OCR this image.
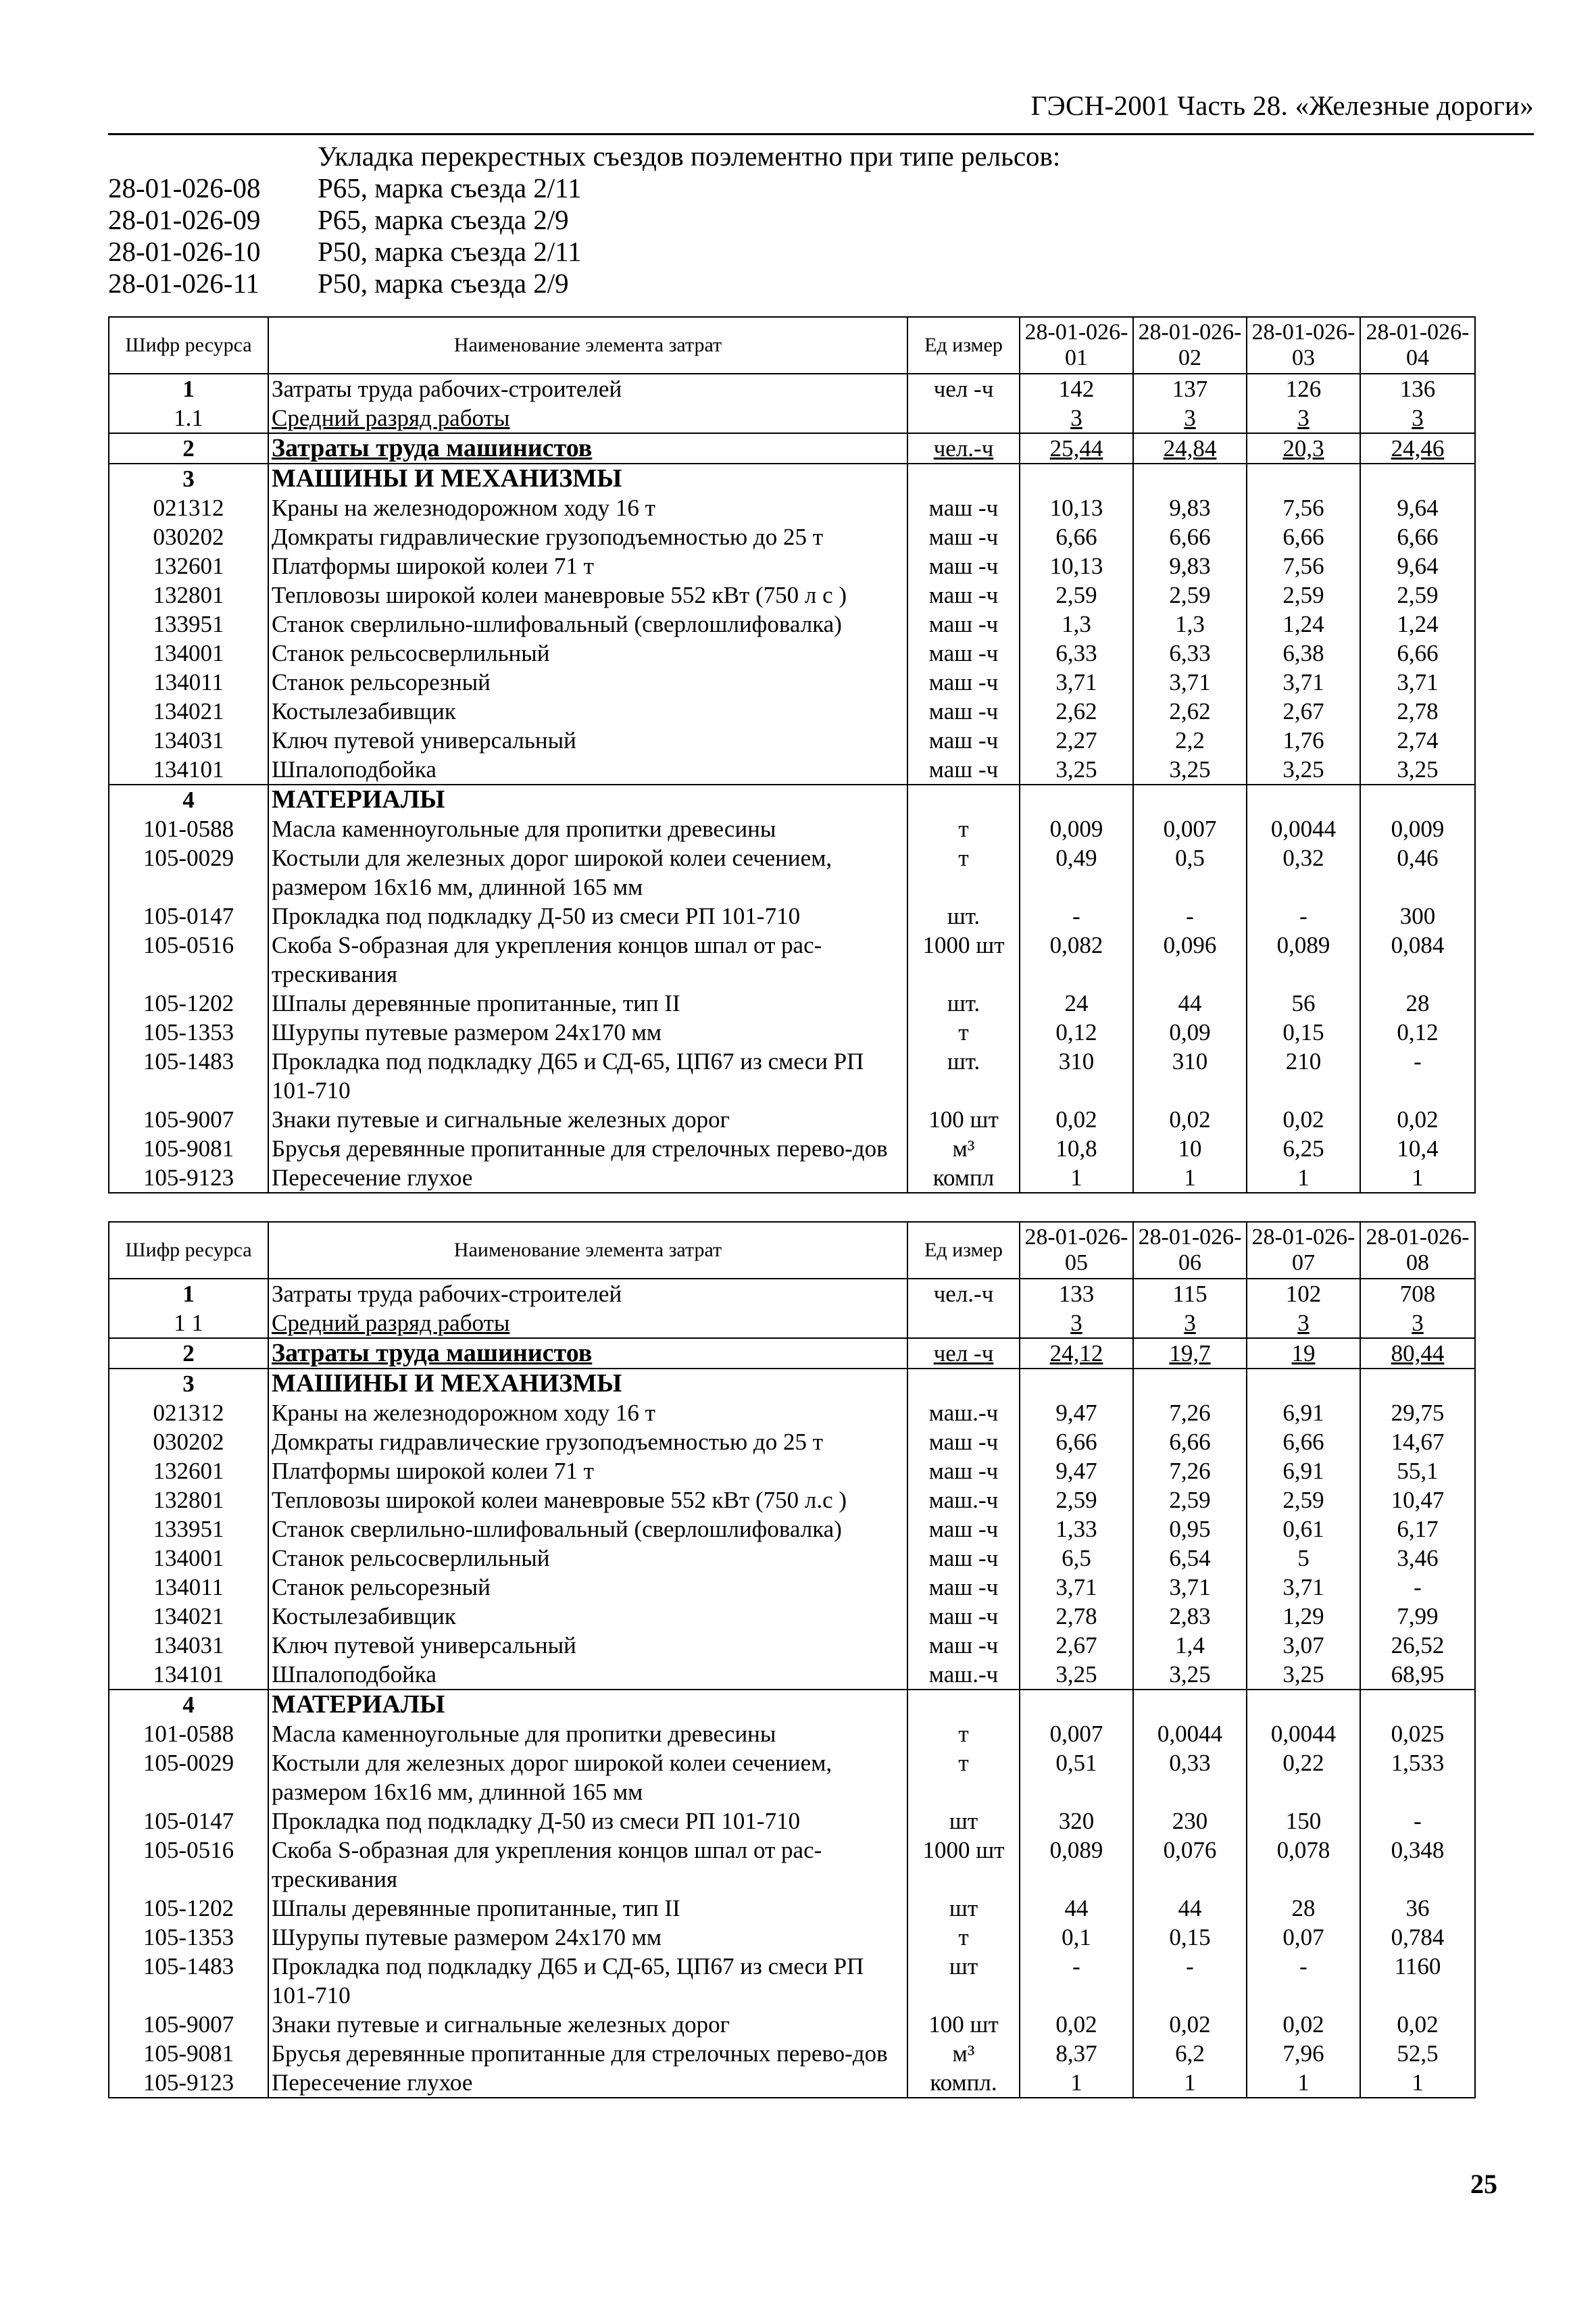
ГЭСН-2001 Часть 28. «Железные дороги»
Укладка перекрестных съездов поэлементно при типе рельсов:
28-01-026-08	Р65, марка съезда 2/11
28-01-026-09	Р65, марка съезда 2/9
28-01-026-10	Р50, марка съезда 2/11
28-01-026-11	Р50, марка съезда 2/9
Шифр ресурса	Наименование элемента затрат	Ед измер	28-01-026-01	28-01-026-02	28-01-026-03	28-01-026-04
1	Затраты труда рабочих-строителей	чел -ч	142	137	126	136
1.1	Средний разряд работы		3	3	3	3
2	Затраты труда машинистов	чел.-ч	25,44	24,84	20,3	24,46
3	МАШИНЫ И МЕХАНИЗМЫ					
021312	Краны на железнодорожном ходу 16 т	маш -ч	10,13	9,83	7,56	9,64
030202	Домкраты гидравлические грузоподъемностью до 25 т	маш -ч	6,66	6,66	6,66	6,66
132601	Платформы широкой колеи 71 т	маш -ч	10,13	9,83	7,56	9,64
132801	Тепловозы широкой колеи маневровые 552 кВт (750 л с )	маш -ч	2,59	2,59	2,59	2,59
133951	Станок сверлильно-шлифовальный (сверлошлифовалка)	маш -ч	1,3	1,3	1,24	1,24
134001	Станок рельсосверлильный	маш -ч	6,33	6,33	6,38	6,66
134011	Станок рельсорезный	маш -ч	3,71	3,71	3,71	3,71
134021	Костылезабивщик	маш -ч	2,62	2,62	2,67	2,78
134031	Ключ путевой универсальный	маш -ч	2,27	2,2	1,76	2,74
134101	Шпалоподбойка	маш -ч	3,25	3,25	3,25	3,25
4	МАТЕРИАЛЫ					
101-0588	Масла каменноугольные для пропитки древесины	т	0,009	0,007	0,0044	0,009
105-0029	Костыли для железных дорог широкой колеи сечением, размером 16х16 мм, длинной 165 мм	т	0,49	0,5	0,32	0,46
105-0147	Прокладка под подкладку Д-50 из смеси РП 101-710	шт.	-	-	-	300
105-0516	Скоба S-образная для укрепления концов шпал от рас-трескивания	1000 шт	0,082	0,096	0,089	0,084
105-1202	Шпалы деревянные пропитанные, тип II	шт.	24	44	56	28
105-1353	Шурупы путевые размером 24х170 мм	т	0,12	0,09	0,15	0,12
105-1483	Прокладка под подкладку Д65 и СД-65, ЦП67 из смеси РП 101-710	шт.	310	310	210	-
105-9007	Знаки путевые и сигнальные железных дорог	100 шт	0,02	0,02	0,02	0,02
105-9081	Брусья деревянные пропитанные для стрелочных перево-дов	м³	10,8	10	6,25	10,4
105-9123	Пересечение глухое	компл	1	1	1	1
Шифр ресурса	Наименование элемента затрат	Ед измер	28-01-026-05	28-01-026-06	28-01-026-07	28-01-026-08
1	Затраты труда рабочих-строителей	чел.-ч	133	115	102	708
1 1	Средний разряд работы		3	3	3	3
2	Затраты труда машинистов	чел -ч	24,12	19,7	19	80,44
3	МАШИНЫ И МЕХАНИЗМЫ					
021312	Краны на железнодорожном ходу 16 т	маш.-ч	9,47	7,26	6,91	29,75
030202	Домкраты гидравлические грузоподъемностью до 25 т	маш -ч	6,66	6,66	6,66	14,67
132601	Платформы широкой колеи 71 т	маш -ч	9,47	7,26	6,91	55,1
132801	Тепловозы широкой колеи маневровые 552 кВт (750 л.с )	маш.-ч	2,59	2,59	2,59	10,47
133951	Станок сверлильно-шлифовальный (сверлошлифовалка)	маш -ч	1,33	0,95	0,61	6,17
134001	Станок рельсосверлильный	маш -ч	6,5	6,54	5	3,46
134011	Станок рельсорезный	маш -ч	3,71	3,71	3,71	-
134021	Костылезабивщик	маш -ч	2,78	2,83	1,29	7,99
134031	Ключ путевой универсальный	маш -ч	2,67	1,4	3,07	26,52
134101	Шпалоподбойка	маш.-ч	3,25	3,25	3,25	68,95
4	МАТЕРИАЛЫ					
101-0588	Масла каменноугольные для пропитки древесины	т	0,007	0,0044	0,0044	0,025
105-0029	Костыли для железных дорог широкой колеи сечением, размером 16х16 мм, длинной 165 мм	т	0,51	0,33	0,22	1,533
105-0147	Прокладка под подкладку Д-50 из смеси РП 101-710	шт	320	230	150	-
105-0516	Скоба S-образная для укрепления концов шпал от рас-трескивания	1000 шт	0,089	0,076	0,078	0,348
105-1202	Шпалы деревянные пропитанные, тип II	шт	44	44	28	36
105-1353	Шурупы путевые размером 24х170 мм	т	0,1	0,15	0,07	0,784
105-1483	Прокладка под подкладку Д65 и СД-65, ЦП67 из смеси РП 101-710	шт	-	-	-	1160
105-9007	Знаки путевые и сигнальные железных дорог	100 шт	0,02	0,02	0,02	0,02
105-9081	Брусья деревянные пропитанные для стрелочных перево-дов	м³	8,37	6,2	7,96	52,5
105-9123	Пересечение глухое	компл.	1	1	1	1
25
